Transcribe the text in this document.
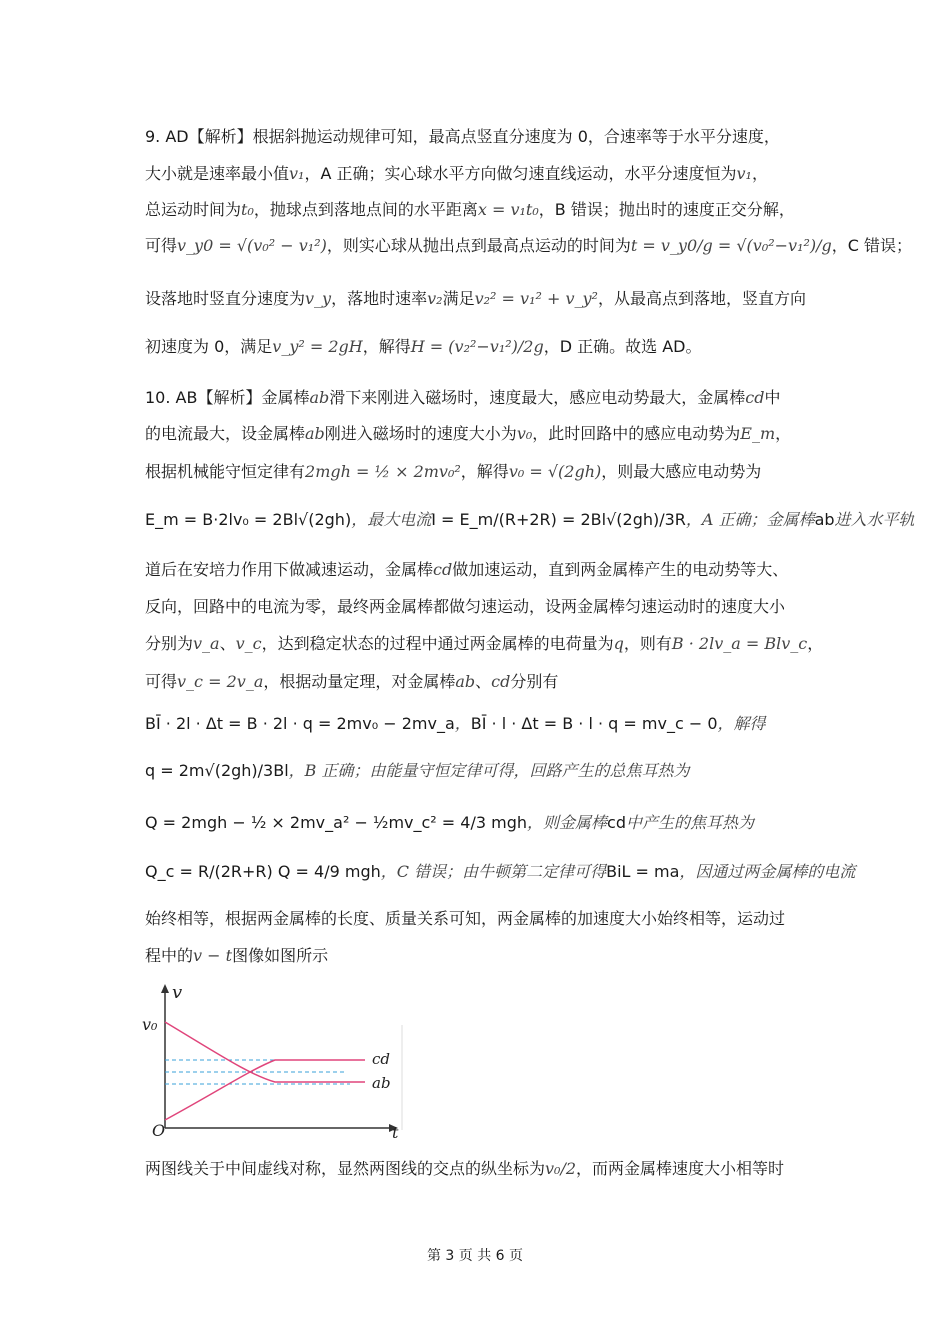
9. AD【解析】根据斜抛运动规律可知，最高点竖直分速度为 0，合速率等于水平分速度，
大小就是速率最小值v₁，A 正确；实心球水平方向做匀速直线运动，水平分速度恒为v₁，
总运动时间为t₀，抛球点到落地点间的水平距离x = v₁t₀，B 错误；抛出时的速度正交分解，
可得v_y0 = √(v₀² − v₁²)，则实心球从抛出点到最高点运动的时间为t = v_y0/g = √(v₀²−v₁²)/g，C 错误；
设落地时竖直分速度为v_y，落地时速率v₂满足v₂² = v₁² + v_y²，从最高点到落地，竖直方向
初速度为 0，满足v_y² = 2gH，解得H = (v₂²−v₁²)/2g，D 正确。故选 AD。
10. AB【解析】金属棒ab滑下来刚进入磁场时，速度最大，感应电动势最大，金属棒cd中
的电流最大，设金属棒ab刚进入磁场时的速度大小为v₀，此时回路中的感应电动势为E_m，
根据机械能守恒定律有2mgh = ½ × 2mv₀²，解得v₀ = √(2gh)，则最大感应电动势为
E_m = B·2lv₀ = 2Bl√(2gh)，最大电流I = E_m/(R+2R) = 2Bl√(2gh)/3R，A 正确；金属棒ab进入水平轨
道后在安培力作用下做减速运动，金属棒cd做加速运动，直到两金属棒产生的电动势等大、
反向，回路中的电流为零，最终两金属棒都做匀速运动，设两金属棒匀速运动时的速度大小
分别为v_a、v_c，达到稳定状态的过程中通过两金属棒的电荷量为q，则有B · 2lv_a = Blv_c，
可得v_c = 2v_a，根据动量定理，对金属棒ab、cd分别有
BĪ · 2l · Δt = B · 2l · q = 2mv₀ − 2mv_a，BĪ · l · Δt = B · l · q = mv_c − 0，解得
q = 2m√(2gh)/3Bl，B 正确；由能量守恒定律可得，回路产生的总焦耳热为
Q = 2mgh − ½ × 2mv_a² − ½mv_c² = 4/3 mgh，则金属棒cd中产生的焦耳热为
Q_c = R/(2R+R) Q = 4/9 mgh，C 错误；由牛顿第二定律可得BiL = ma，因通过两金属棒的电流
始终相等，根据两金属棒的长度、质量关系可知，两金属棒的加速度大小始终相等，运动过
程中的v − t图像如图所示
两图线关于中间虚线对称，显然两图线的交点的纵坐标为v₀/2，而两金属棒速度大小相等时
v
v₀
O	t
cd
ab
第 3 页 共 6 页
